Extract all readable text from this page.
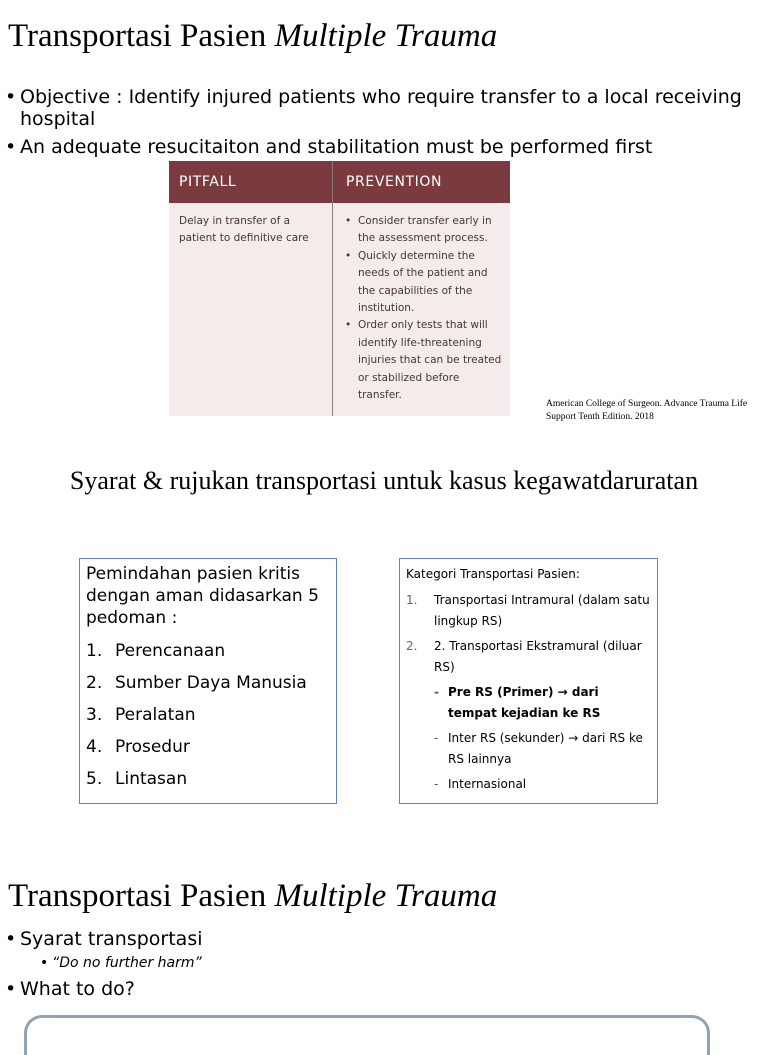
Transportasi Pasien Multiple Trauma
• Objective : Identify injured patients who require transfer to a local receiving hospital
• An adequate resucitaiton and stabilitation must be performed first
PITFALL	PREVENTION
Delay in transfer of a patient to definitive care
• Consider transfer early in the assessment process.
• Quickly determine the needs of the patient and the capabilities of the institution.
• Order only tests that will identify life-threatening injuries that can be treated or stabilized before transfer.
American College of Surgeon. Advance Trauma Life Support Tenth Edition. 2018
Syarat & rujukan transportasi untuk kasus kegawatdaruratan

Pemindahan pasien kritis dengan aman didasarkan 5 pedoman :

1. Perencanaan
2. Sumber Daya Manusia
3. Peralatan
4. Prosedur
5. Lintasan

Kategori Transportasi Pasien:

1. Transportasi Intramural (dalam satu lingkup RS)
2. 2. Transportasi Ekstramural (diluar RS)
- Pre RS (Primer) → dari tempat kejadian ke RS
- Inter RS (sekunder) → dari RS ke RS lainnya
- Internasional
Transportasi Pasien Multiple Trauma
• Syarat transportasi
• “Do no further harm”
• What to do?
